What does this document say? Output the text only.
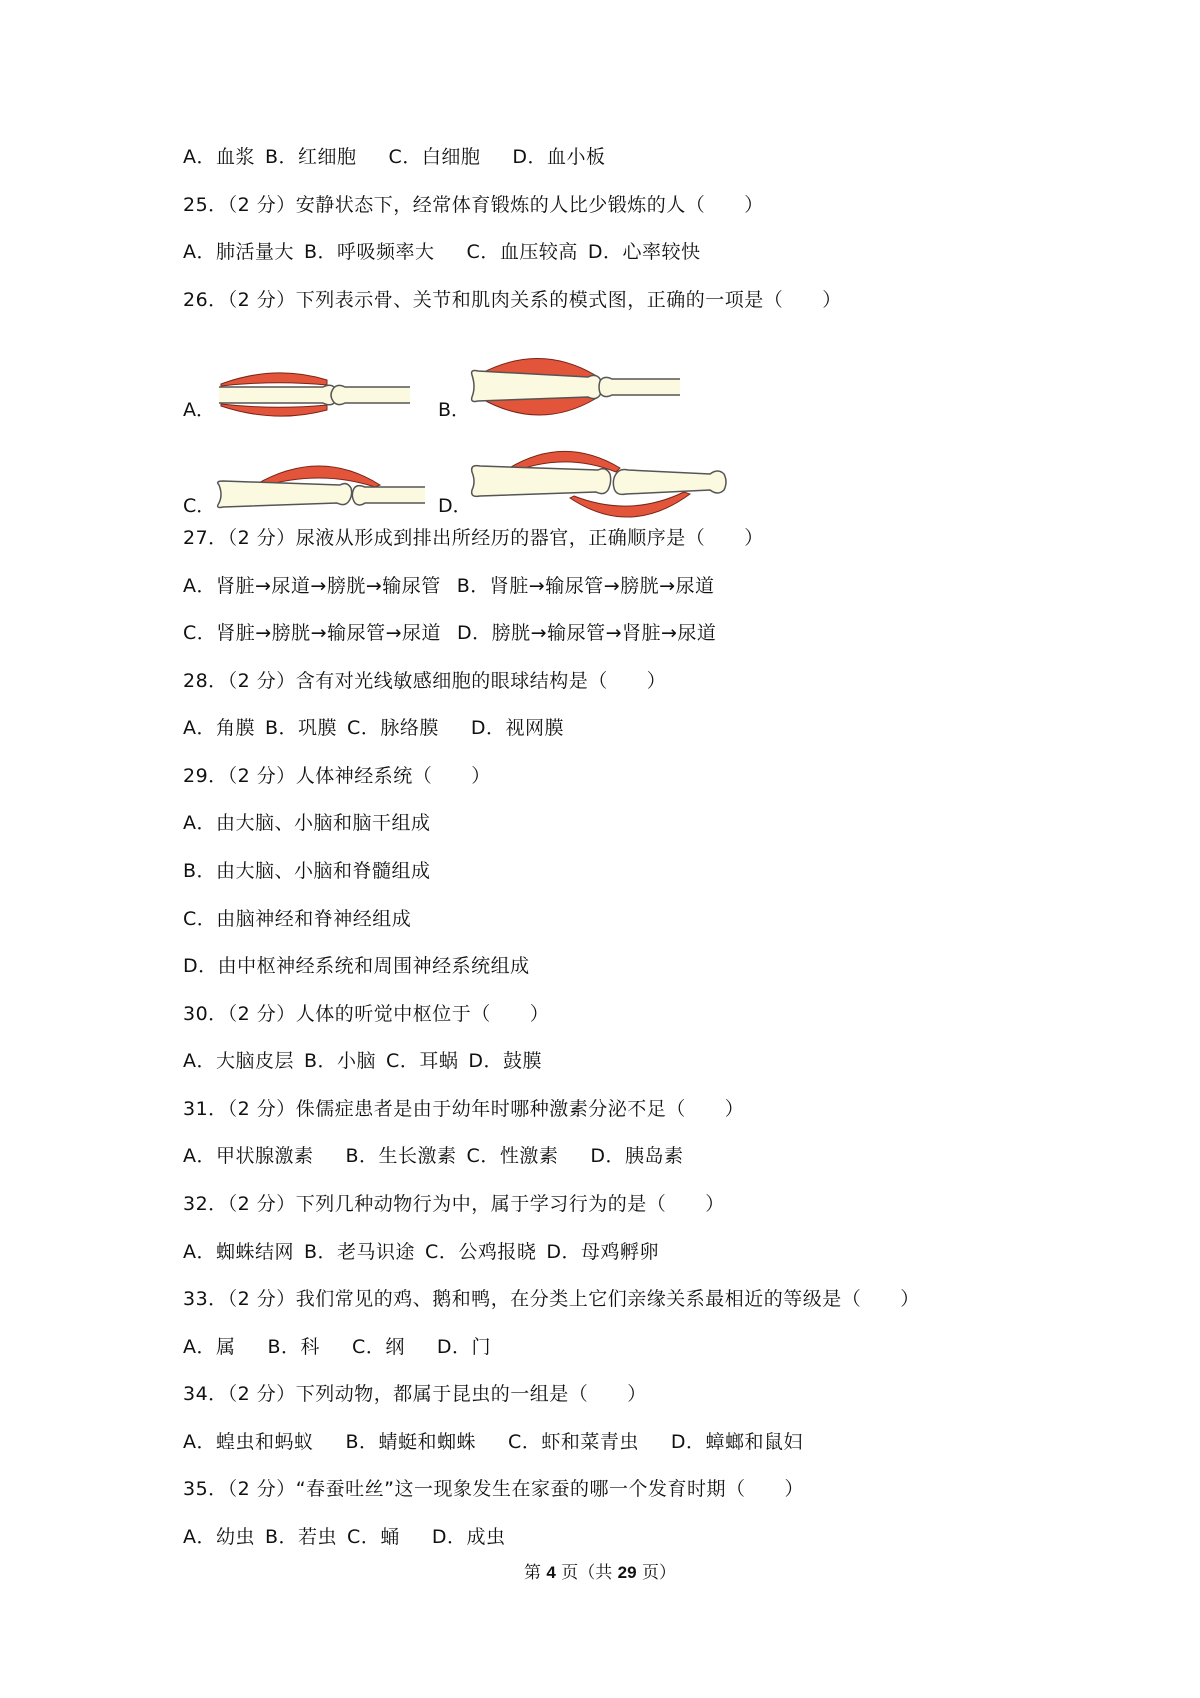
A．血浆 B．红细胞 C．白细胞 D．血小板
25．（2 分）安静状态下，经常体育锻炼的人比少锻炼的人（　　）
A．肺活量大 B．呼吸频率大 C．血压较高 D．心率较快
26．（2 分）下列表示骨、关节和肌肉关系的模式图，正确的一项是（　　）
27．（2 分）尿液从形成到排出所经历的器官，正确顺序是（　　）
A．肾脏→尿道→膀胱→输尿管 B．肾脏→输尿管→膀胱→尿道
C．肾脏→膀胱→输尿管→尿道 D．膀胱→输尿管→肾脏→尿道
28．（2 分）含有对光线敏感细胞的眼球结构是（　　）
A．角膜 B．巩膜 C．脉络膜 D．视网膜
29．（2 分）人体神经系统（　　）
A．由大脑、小脑和脑干组成
B．由大脑、小脑和脊髓组成
C．由脑神经和脊神经组成
D．由中枢神经系统和周围神经系统组成
30．（2 分）人体的听觉中枢位于（　　）
A．大脑皮层 B．小脑 C．耳蜗 D．鼓膜
31．（2 分）侏儒症患者是由于幼年时哪种激素分泌不足（　　）
A．甲状腺激素 B．生长激素 C．性激素 D．胰岛素
32．（2 分）下列几种动物行为中，属于学习行为的是（　　）
A．蜘蛛结网 B．老马识途 C．公鸡报晓 D．母鸡孵卵
33．（2 分）我们常见的鸡、鹅和鸭，在分类上它们亲缘关系最相近的等级是（　　）
A．属 B．科 C．纲 D．门
34．（2 分）下列动物，都属于昆虫的一组是（　　）
A．蝗虫和蚂蚁 B．蜻蜓和蜘蛛 C．虾和菜青虫 D．蟑螂和鼠妇
35．（2 分）“春蚕吐丝”这一现象发生在家蚕的哪一个发育时期（　　）
A．幼虫 B．若虫 C．蛹 D．成虫
A．	B．
C．	D．
第 4 页（共 29 页）
